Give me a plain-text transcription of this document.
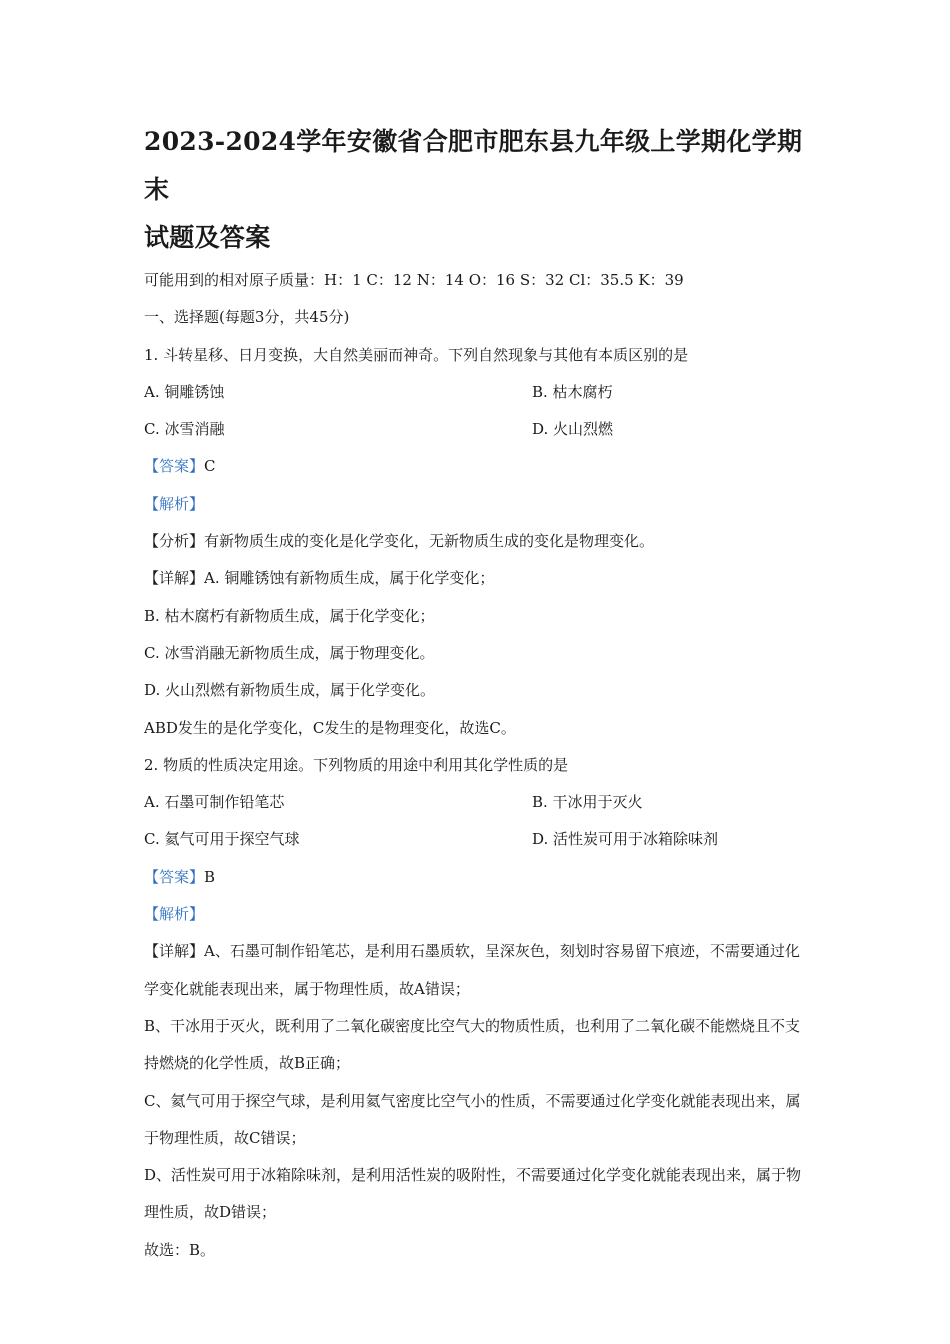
2023-2024学年安徽省合肥市肥东县九年级上学期化学期末
试题及答案
可能用到的相对原子质量：H：1 C：12 N：14 O：16 S：32 Cl：35.5 K：39
一、选择题(每题3分，共45分)
1. 斗转星移、日月变换，大自然美丽而神奇。下列自然现象与其他有本质区别的是
A. 铜雕锈蚀	B. 枯木腐朽
C. 冰雪消融	D. 火山烈燃
【答案】C
【解析】
【分析】有新物质生成的变化是化学变化，无新物质生成的变化是物理变化。
【详解】A. 铜雕锈蚀有新物质生成，属于化学变化；
B. 枯木腐朽有新物质生成，属于化学变化；
C. 冰雪消融无新物质生成，属于物理变化。
D. 火山烈燃有新物质生成，属于化学变化。
ABD发生的是化学变化，C发生的是物理变化，故选C。
2. 物质的性质决定用途。下列物质的用途中利用其化学性质的是
A. 石墨可制作铅笔芯	B. 干冰用于灭火
C. 氦气可用于探空气球	D. 活性炭可用于冰箱除味剂
【答案】B
【解析】
【详解】A、石墨可制作铅笔芯，是利用石墨质软，呈深灰色，刻划时容易留下痕迹，不需要通过化学变化就能表现出来，属于物理性质，故A错误；
B、干冰用于灭火，既利用了二氧化碳密度比空气大的物质性质，也利用了二氧化碳不能燃烧且不支持燃烧的化学性质，故B正确；
C、氦气可用于探空气球，是利用氦气密度比空气小的性质，不需要通过化学变化就能表现出来，属于物理性质，故C错误；
D、活性炭可用于冰箱除味剂，是利用活性炭的吸附性，不需要通过化学变化就能表现出来，属于物理性质，故D错误；
故选：B。
